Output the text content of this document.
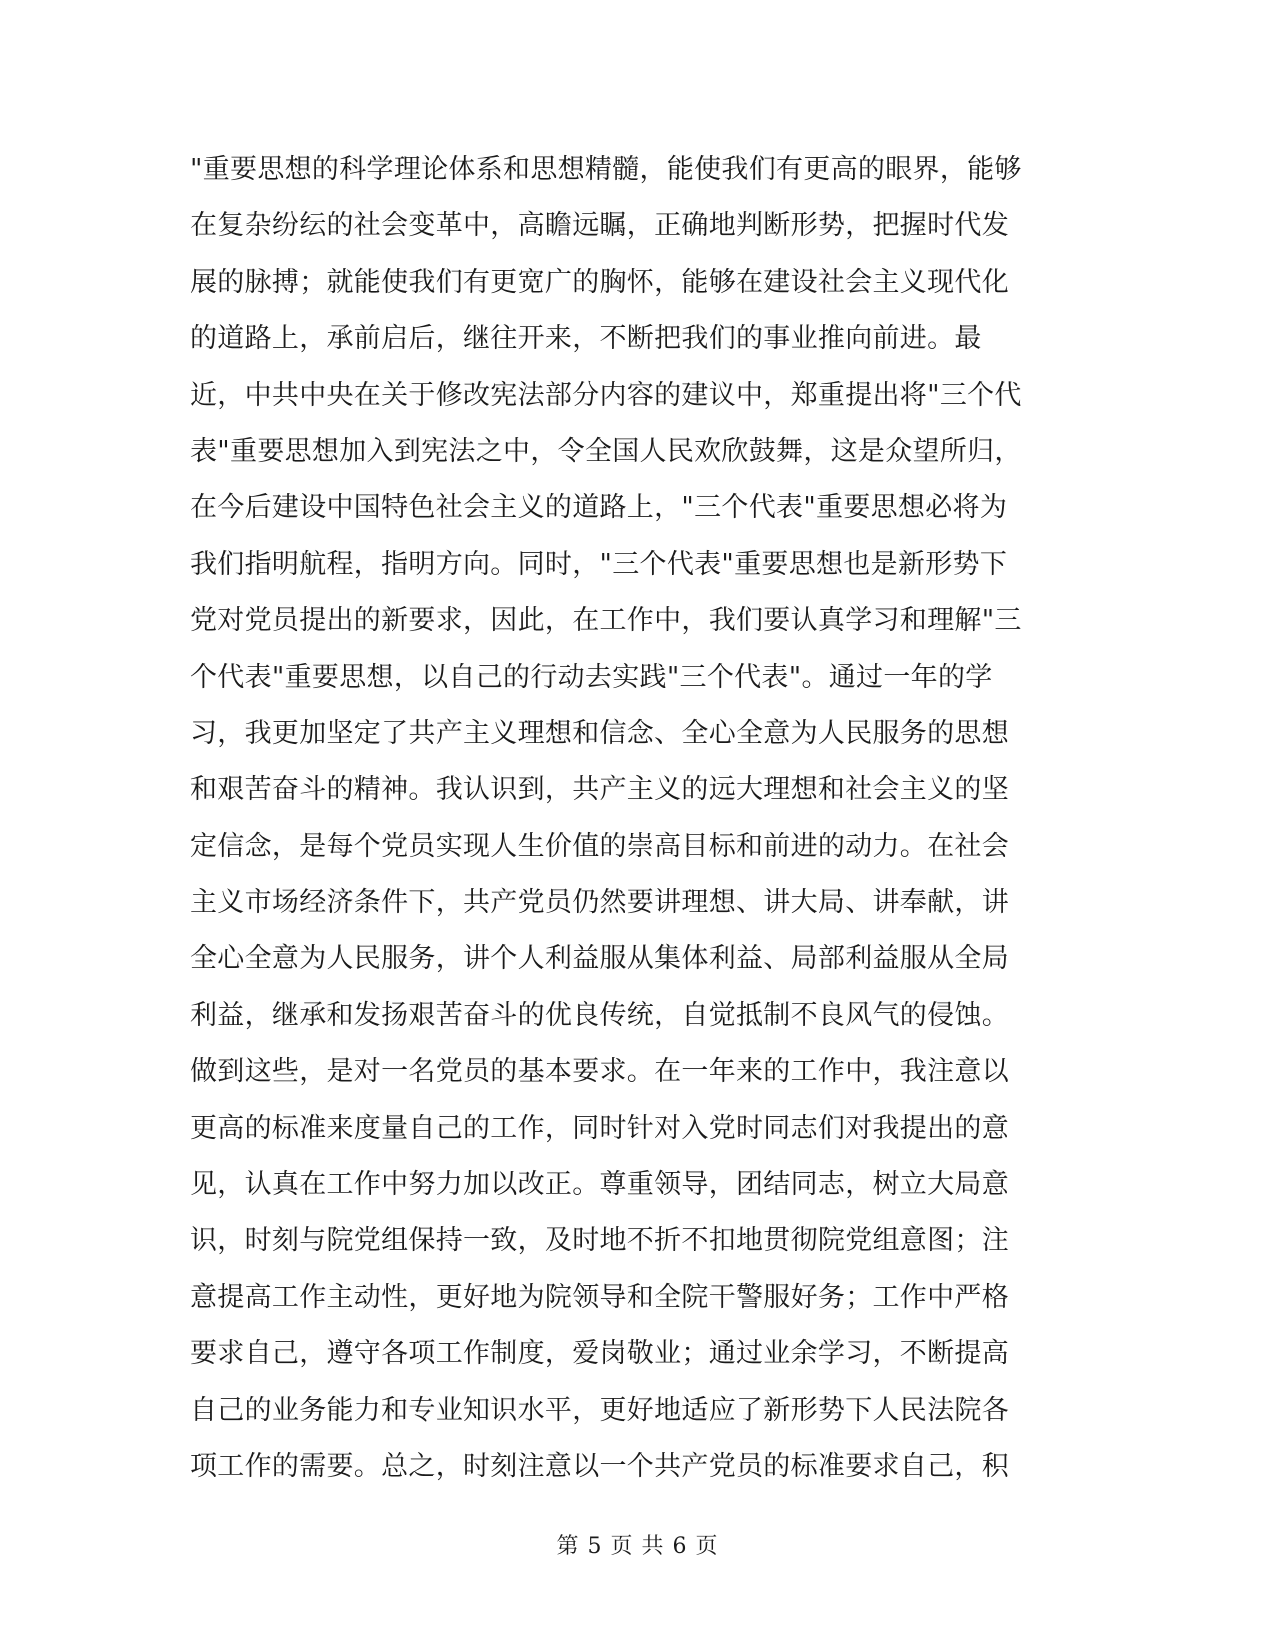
"重要思想的科学理论体系和思想精髓，能使我们有更高的眼界，能够
在复杂纷纭的社会变革中，高瞻远瞩，正确地判断形势，把握时代发
展的脉搏；就能使我们有更宽广的胸怀，能够在建设社会主义现代化
的道路上，承前启后，继往开来，不断把我们的事业推向前进。最
近，中共中央在关于修改宪法部分内容的建议中，郑重提出将"三个代
表"重要思想加入到宪法之中，令全国人民欢欣鼓舞，这是众望所归，
在今后建设中国特色社会主义的道路上，"三个代表"重要思想必将为
我们指明航程，指明方向。同时，"三个代表"重要思想也是新形势下
党对党员提出的新要求，因此，在工作中，我们要认真学习和理解"三
个代表"重要思想，以自己的行动去实践"三个代表"。通过一年的学
习，我更加坚定了共产主义理想和信念、全心全意为人民服务的思想
和艰苦奋斗的精神。我认识到，共产主义的远大理想和社会主义的坚
定信念，是每个党员实现人生价值的崇高目标和前进的动力。在社会
主义市场经济条件下，共产党员仍然要讲理想、讲大局、讲奉献，讲
全心全意为人民服务，讲个人利益服从集体利益、局部利益服从全局
利益，继承和发扬艰苦奋斗的优良传统，自觉抵制不良风气的侵蚀。
做到这些，是对一名党员的基本要求。在一年来的工作中，我注意以
更高的标准来度量自己的工作，同时针对入党时同志们对我提出的意
见，认真在工作中努力加以改正。尊重领导，团结同志，树立大局意
识，时刻与院党组保持一致，及时地不折不扣地贯彻院党组意图；注
意提高工作主动性，更好地为院领导和全院干警服好务；工作中严格
要求自己，遵守各项工作制度，爱岗敬业；通过业余学习，不断提高
自己的业务能力和专业知识水平，更好地适应了新形势下人民法院各
项工作的需要。总之，时刻注意以一个共产党员的标准要求自己，积
第 5 页 共 6 页
